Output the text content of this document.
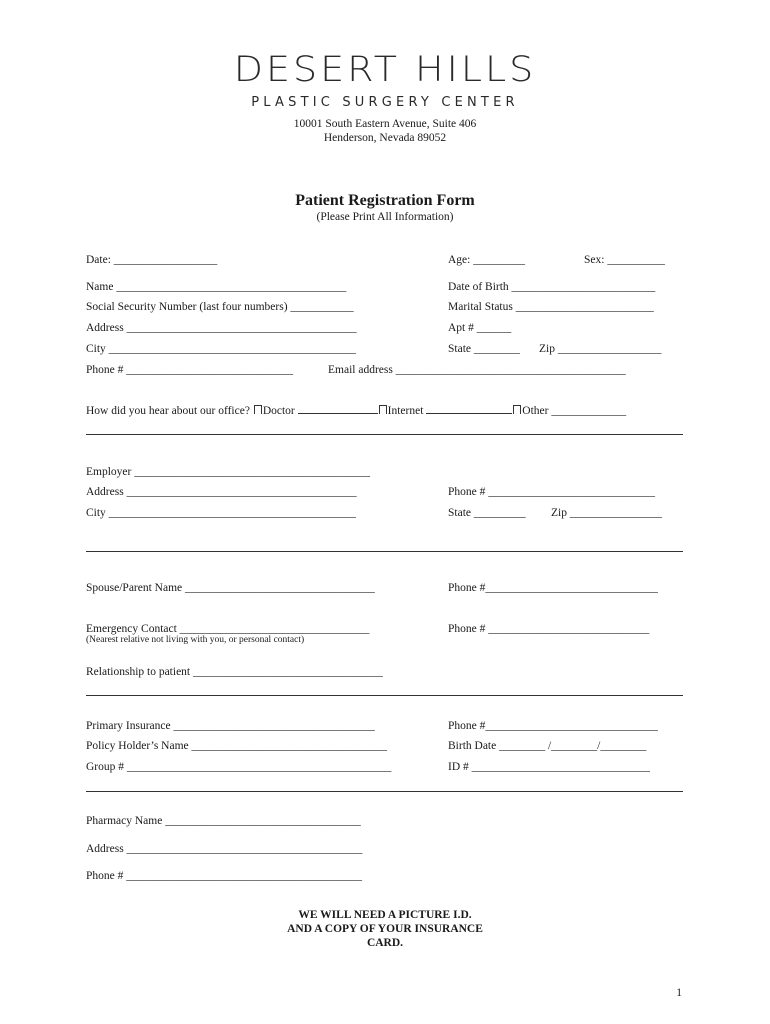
DESERT HILLS
PLASTIC SURGERY CENTER
10001 South Eastern Avenue, Suite 406
Henderson, Nevada 89052
Patient Registration Form
(Please Print All Information)
Date: __________________	Age: _________	Sex: __________
Name ________________________________________	Date of Birth _________________________
Social Security Number (last four numbers) ___________	Marital Status ________________________
Address ________________________________________	Apt # ______
City ___________________________________________	State ________ Zip __________________
Phone # _____________________________	Email address ________________________________________
How did you hear about our office? Doctor	Internet	Other _____________
Employer _________________________________________
Address ________________________________________	Phone # _____________________________
City ___________________________________________	State _________ Zip ________________
Spouse/Parent Name _________________________________	Phone #______________________________
Emergency Contact _________________________________	Phone # ____________________________
(Nearest relative not living with you, or personal contact)
Relationship to patient _________________________________
Primary Insurance ___________________________________	Phone #______________________________
Policy Holder’s Name __________________________________	Birth Date ________ /________/________
Group # ______________________________________________	ID # _______________________________
Pharmacy Name __________________________________
Address _________________________________________
Phone # _________________________________________
WE WILL NEED A PICTURE I.D.
AND A COPY OF YOUR INSURANCE
CARD.
1
